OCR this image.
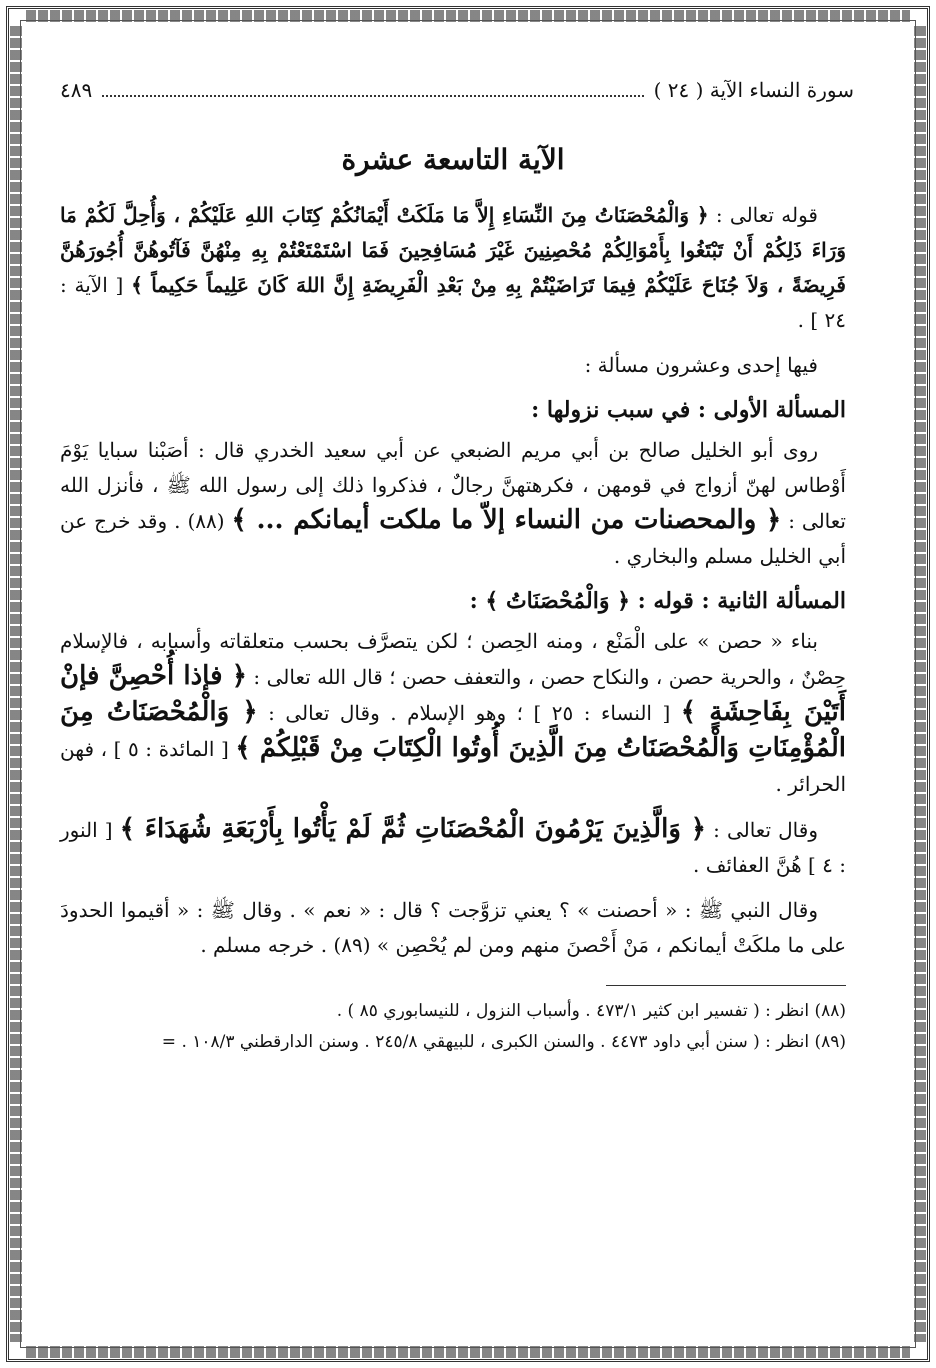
سورة النساء الآية ( ٢٤ )
٤٨٩
الآية التاسعة عشرة

قوله تعالى : ﴿ وَالْمُحْصَنَاتُ مِنَ النِّسَاءِ إِلاَّ مَا مَلَكَتْ أَيْمَانُكُمْ كِتَابَ اللهِ عَلَيْكُمْ ، وَأُحِلَّ لَكُمْ مَا وَرَاءَ ذَلِكُمْ أَنْ تَبْتَغُوا بِأَمْوَالِكُمْ مُحْصِنِينَ غَيْرَ مُسَافِحِينَ فَمَا اسْتَمْتَعْتُمْ بِهِ مِنْهُنَّ فَآتُوهُنَّ أُجُورَهُنَّ فَرِيضَةً ، وَلاَ جُنَاحَ عَلَيْكُمْ فِيمَا تَرَاضَيْتُمْ بِهِ مِنْ بَعْدِ الْفَرِيضَةِ إِنَّ اللهَ كَانَ عَلِيماً حَكِيماً ﴾ [ الآية : ٢٤ ] .

فيها إحدى وعشرون مسألة :

المسألة الأولى : في سبب نزولها :

روى أبو الخليل صالح بن أبي مريم الضبعي عن أبي سعيد الخدري قال : أصَبْنا سبايا يَوْمَ أَوْطاس لهنّ أزواج في قومهن ، فكرهتهنَّ رجالٌ ، فذكروا ذلك إلى رسول الله ﷺ ، فأنزل الله تعالى : ﴿ والمحصنات من النساء إلاّ ما ملكت أيمانكم ... ﴾ (٨٨) . وقد خرج عن أبي الخليل مسلم والبخاري .

المسألة الثانية : قوله : ﴿ وَالْمُحْصَنَاتُ ﴾ :

بناء « حصن » على الْمَنْع ، ومنه الحِصن ؛ لكن يتصرَّف بحسب متعلقاته وأسبابه ، فالإسلام حِصْنٌ ، والحرية حصن ، والنكاح حصن ، والتعفف حصن ؛ قال الله تعالى : ﴿ فإذا أُحْصِنَّ فإنْ أَتَيْنَ بِفَاحِشَةٍ ﴾ [ النساء : ٢٥ ] ؛ وهو الإسلام . وقال تعالى : ﴿ وَالْمُحْصَنَاتُ مِنَ الْمُؤْمِنَاتِ وَالْمُحْصَنَاتُ مِنَ الَّذِينَ أُوتُوا الْكِتَابَ مِنْ قَبْلِكُمْ ﴾ [ المائدة : ٥ ] ، فهن الحرائر .

وقال تعالى : ﴿ وَالَّذِينَ يَرْمُونَ الْمُحْصَنَاتِ ثُمَّ لَمْ يَأْتُوا بِأَرْبَعَةِ شُهَدَاءَ ﴾ [ النور : ٤ ] هُنَّ العفائف .

وقال النبي ﷺ : « أحصنت » ؟ يعني تزوَّجت ؟ قال : « نعم » . وقال ﷺ : « أقيموا الحدودَ على ما ملكَتْ أيمانكم ، مَنْ أَحْصنَ منهم ومن لم يُحْصِن » (٨٩) . خرجه مسلم .

(٨٨) انظر : ( تفسير ابن كثير ٤٧٣/١ . وأسباب النزول ، للنيسابوري ٨٥ ) .

(٨٩) انظر : ( سنن أبي داود ٤٤٧٣ . والسنن الكبرى ، للبيهقي ٢٤٥/٨ . وسنن الدارقطني ١٠٨/٣ . =
